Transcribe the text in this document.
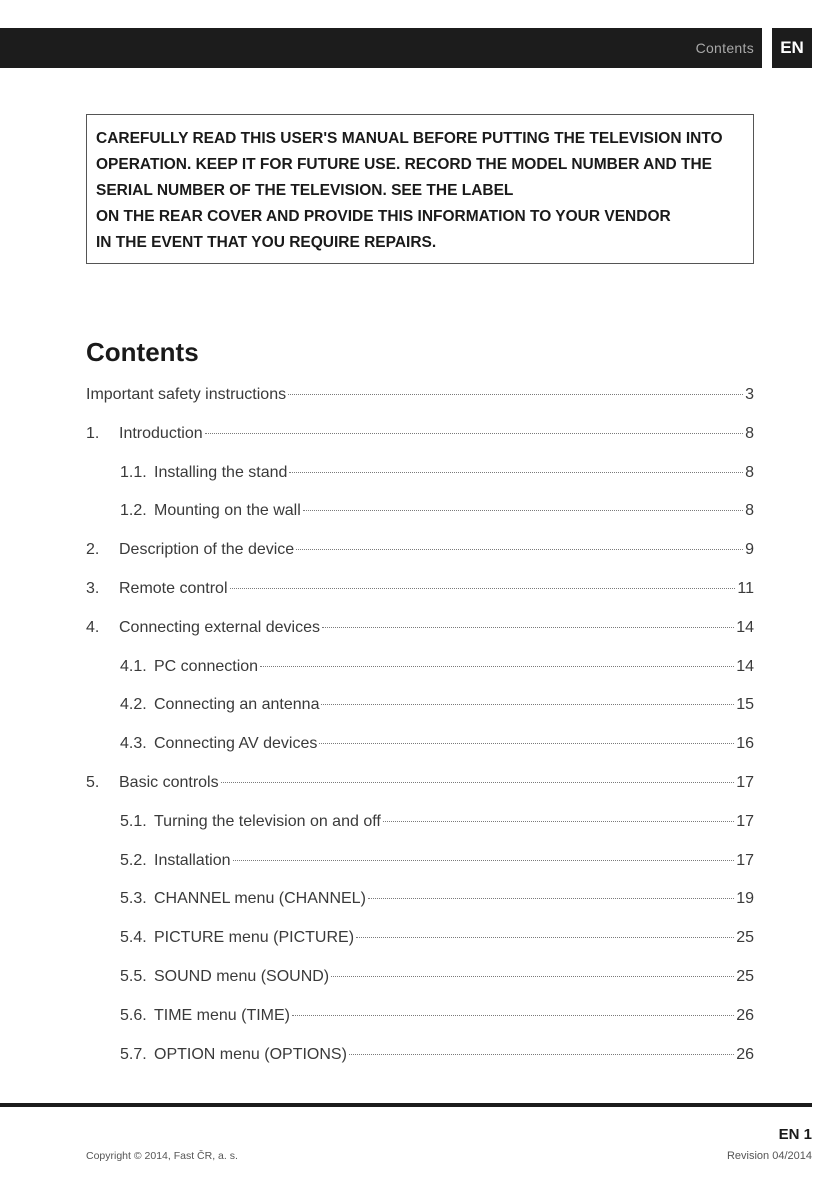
Contents	EN
CAREFULLY READ THIS USER'S MANUAL BEFORE PUTTING THE TELEVISION INTO
OPERATION. KEEP IT FOR FUTURE USE. RECORD THE MODEL NUMBER AND THE
SERIAL NUMBER OF THE TELEVISION. SEE THE LABEL
ON THE REAR COVER AND PROVIDE THIS INFORMATION TO YOUR VENDOR
IN THE EVENT THAT YOU REQUIRE REPAIRS.
Contents
Important safety instructions	3
1.	Introduction	8
1.1. Installing the stand	8
1.2. Mounting on the wall	8
2.	Description of the device	9
3.	Remote control	11
4.	Connecting external devices	14
4.1. PC connection	14
4.2. Connecting an antenna	15
4.3. Connecting AV devices	16
5.	Basic controls	17
5.1. Turning the television on and off	17
5.2. Installation	17
5.3. CHANNEL menu (CHANNEL)	19
5.4. PICTURE menu (PICTURE)	25
5.5. SOUND menu (SOUND)	25
5.6. TIME menu (TIME)	26
5.7. OPTION menu (OPTIONS)	26
EN 1
Copyright © 2014, Fast ČR, a. s.	Revision 04/2014
